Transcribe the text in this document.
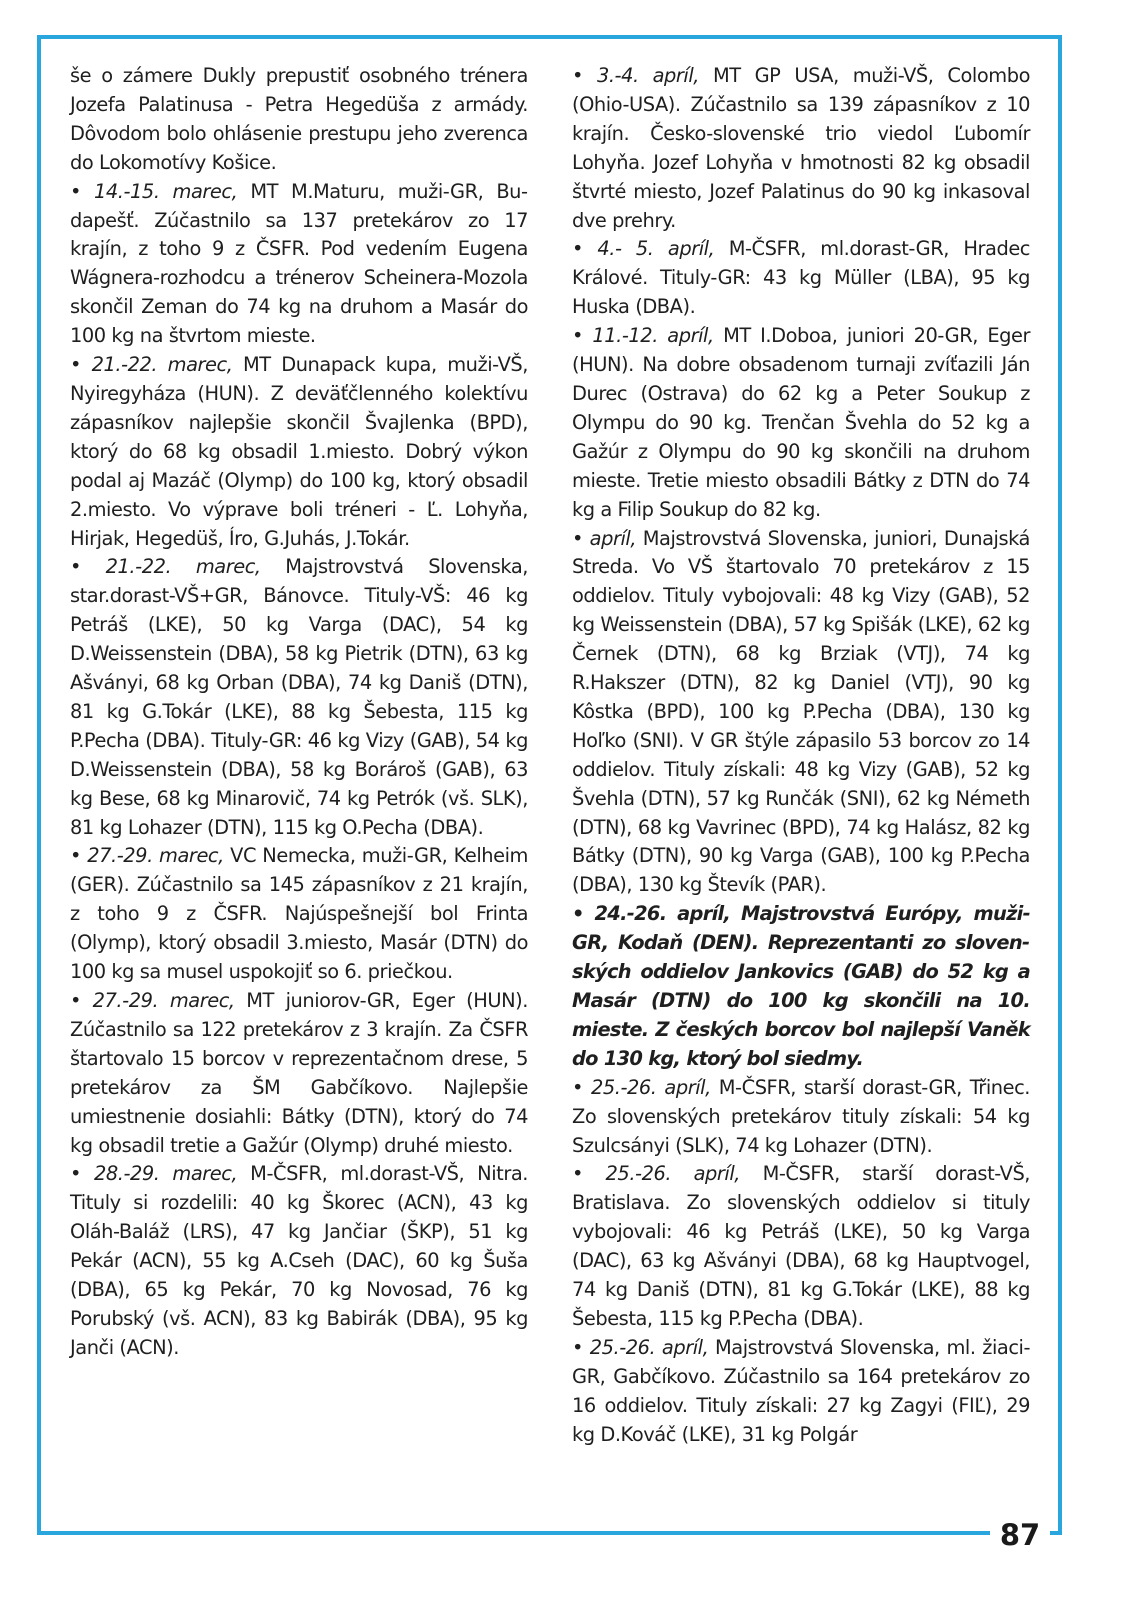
še o zámere Dukly prepustiť osobného trénera Jozefa Palatinusa - Petra Hegedüša z armády. Dôvodom bolo ohlásenie prestupu jeho zverenca do Lokomotívy Košice.

• 14.-15. marec, MT M.Maturu, muži-GR, Budapešť. Zúčastnilo sa 137 pretekárov zo 17 krajín, z toho 9 z ČSFR. Pod vedením Eugena Wágnera-rozhodcu a trénerov Scheinera-Mozola skončil Zeman do 74 kg na druhom a Masár do 100 kg na štvrtom mieste.

• 21.-22. marec, MT Dunapack kupa, muži-VŠ, Nyiregyháza (HUN). Z deväťčlenného kolektívu zápasníkov najlepšie skončil Švajlenka (BPD), ktorý do 68 kg obsadil 1.miesto. Dobrý výkon podal aj Mazáč (Olymp) do 100 kg, ktorý obsadil 2.miesto. Vo výprave boli tréneri - Ľ. Lohyňa, Hirjak, Hegedüš, Íro, G.Juhás, J.Tokár.

• 21.-22. marec, Majstrovstvá Slovenska, star.dorast-VŠ+GR, Bánovce. Tituly-VŠ: 46 kg Petráš (LKE), 50 kg Varga (DAC), 54 kg D.Weissenstein (DBA), 58 kg Pietrik (DTN), 63 kg Ašványi, 68 kg Orban (DBA), 74 kg Daniš (DTN), 81 kg G.Tokár (LKE), 88 kg Šebesta, 115 kg P.Pecha (DBA). Tituly-GR: 46 kg Vizy (GAB), 54 kg D.Weissenstein (DBA), 58 kg Borároš (GAB), 63 kg Bese, 68 kg Minarovič, 74 kg Petrók (vš. SLK), 81 kg Lohazer (DTN), 115 kg O.Pecha (DBA).

• 27.-29. marec, VC Nemecka, muži-GR, Kelheim (GER). Zúčastnilo sa 145 zápasníkov z 21 krajín, z toho 9 z ČSFR. Najúspešnejší bol Frinta (Olymp), ktorý obsadil 3.miesto, Masár (DTN) do 100 kg sa musel uspokojiť so 6. priečkou.

• 27.-29. marec, MT juniorov-GR, Eger (HUN). Zúčastnilo sa 122 pretekárov z 3 krajín. Za ČSFR štartovalo 15 borcov v reprezentačnom drese, 5 pretekárov za ŠM Gabčíkovo. Najlepšie umiestnenie dosiahli: Bátky (DTN), ktorý do 74 kg obsadil tretie a Gažúr (Olymp) druhé miesto.

• 28.-29. marec, M-ČSFR, ml.dorast-VŠ, Nitra. Tituly si rozdelili: 40 kg Škorec (ACN), 43 kg Oláh-Baláž (LRS), 47 kg Jančiar (ŠKP), 51 kg Pekár (ACN), 55 kg A.Cseh (DAC), 60 kg Šuša (DBA), 65 kg Pekár, 70 kg Novosad, 76 kg Porubský (vš. ACN), 83 kg Babirák (DBA), 95 kg Janči (ACN).

• 3.-4. apríl, MT GP USA, muži-VŠ, Colombo (Ohio-USA). Zúčastnilo sa 139 zápasníkov z 10 krajín. Česko-slovenské trio viedol Ľubomír Lohyňa. Jozef Lohyňa v hmotnosti 82 kg obsadil štvrté miesto, Jozef Palatinus do 90 kg inkasoval dve prehry.

• 4.- 5. apríl, M-ČSFR, ml.dorast-GR, Hradec Králové. Tituly-GR: 43 kg Müller (LBA), 95 kg Huska (DBA).

• 11.-12. apríl, MT I.Doboa, juniori 20-GR, Eger (HUN). Na dobre obsadenom turnaji zvíťazili Ján Durec (Ostrava) do 62 kg a Peter Soukup z Olympu do 90 kg. Trenčan Švehla do 52 kg a Gažúr z Olympu do 90 kg skončili na druhom mieste. Tretie miesto obsadili Bátky z DTN do 74 kg a Filip Soukup do 82 kg.

• apríl, Majstrovstvá Slovenska, juniori, Dunajská Streda. Vo VŠ štartovalo 70 pretekárov z 15 oddielov. Tituly vybojovali: 48 kg Vizy (GAB), 52 kg Weissenstein (DBA), 57 kg Spišák (LKE), 62 kg Černek (DTN), 68 kg Brziak (VTJ), 74 kg R.Hakszer (DTN), 82 kg Daniel (VTJ), 90 kg Kôstka (BPD), 100 kg P.Pecha (DBA), 130 kg Hoľko (SNI). V GR štýle zápasilo 53 borcov zo 14 oddielov. Tituly získali: 48 kg Vizy (GAB), 52 kg Švehla (DTN), 57 kg Runčák (SNI), 62 kg Németh (DTN), 68 kg Vavrinec (BPD), 74 kg Halász, 82 kg Bátky (DTN), 90 kg Varga (GAB), 100 kg P.Pecha (DBA), 130 kg Števík (PAR).

• 24.-26. apríl, Majstrovstvá Európy, muži-GR, Kodaň (DEN). Reprezentanti zo slovenských oddielov Jankovics (GAB) do 52 kg a Masár (DTN) do 100 kg skončili na 10. mieste. Z českých borcov bol najlepší Vaněk do 130 kg, ktorý bol siedmy.

• 25.-26. apríl, M-ČSFR, starší dorast-GR, Třinec. Zo slovenských pretekárov tituly získali: 54 kg Szulcsányi (SLK), 74 kg Lohazer (DTN).

• 25.-26. apríl, M-ČSFR, starší dorast-VŠ, Bratislava. Zo slovenských oddielov si tituly vybojovali: 46 kg Petráš (LKE), 50 kg Varga (DAC), 63 kg Ašványi (DBA), 68 kg Hauptvogel, 74 kg Daniš (DTN), 81 kg G.Tokár (LKE), 88 kg Šebesta, 115 kg P.Pecha (DBA).

• 25.-26. apríl, Majstrovstvá Slovenska, ml. žiaci-GR, Gabčíkovo. Zúčastnilo sa 164 pretekárov zo 16 oddielov. Tituly získali: 27 kg Zagyi (FIĽ), 29 kg D.Kováč (LKE), 31 kg Polgár

87
